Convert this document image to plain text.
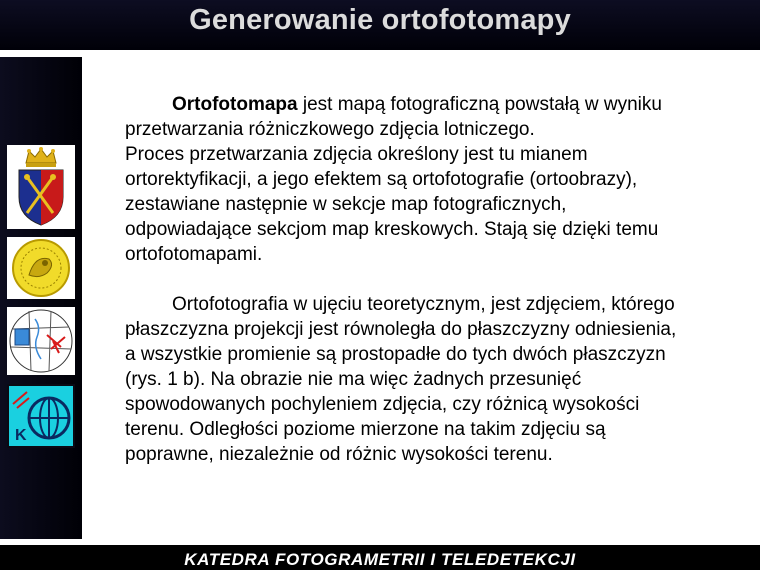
Generowanie ortofotomapy
K

Ortofotomapa jest mapą fotograficzną powstałą w wyniku
przetwarzania różniczkowego zdjęcia lotniczego.
Proces przetwarzania zdjęcia określony jest tu mianem
ortorektyfikacji, a jego efektem są ortofotografie (ortoobrazy),
zestawiane następnie w sekcje map fotograficznych,
odpowiadające sekcjom map kreskowych. Stają się dzięki temu
ortofotomapami.

Ortofotografia w ujęciu teoretycznym, jest zdjęciem, którego
płaszczyzna projekcji jest równoległa do płaszczyzny odniesienia,
a wszystkie promienie są prostopadłe do tych dwóch płaszczyzn
(rys. 1 b). Na obrazie nie ma więc żadnych przesunięć
spowodowanych pochyleniem zdjęcia, czy różnicą wysokości
terenu. Odległości poziome mierzone na takim zdjęciu są
poprawne, niezależnie od różnic wysokości terenu.

KATEDRA FOTOGRAMETRII I TELEDETEKCJI
